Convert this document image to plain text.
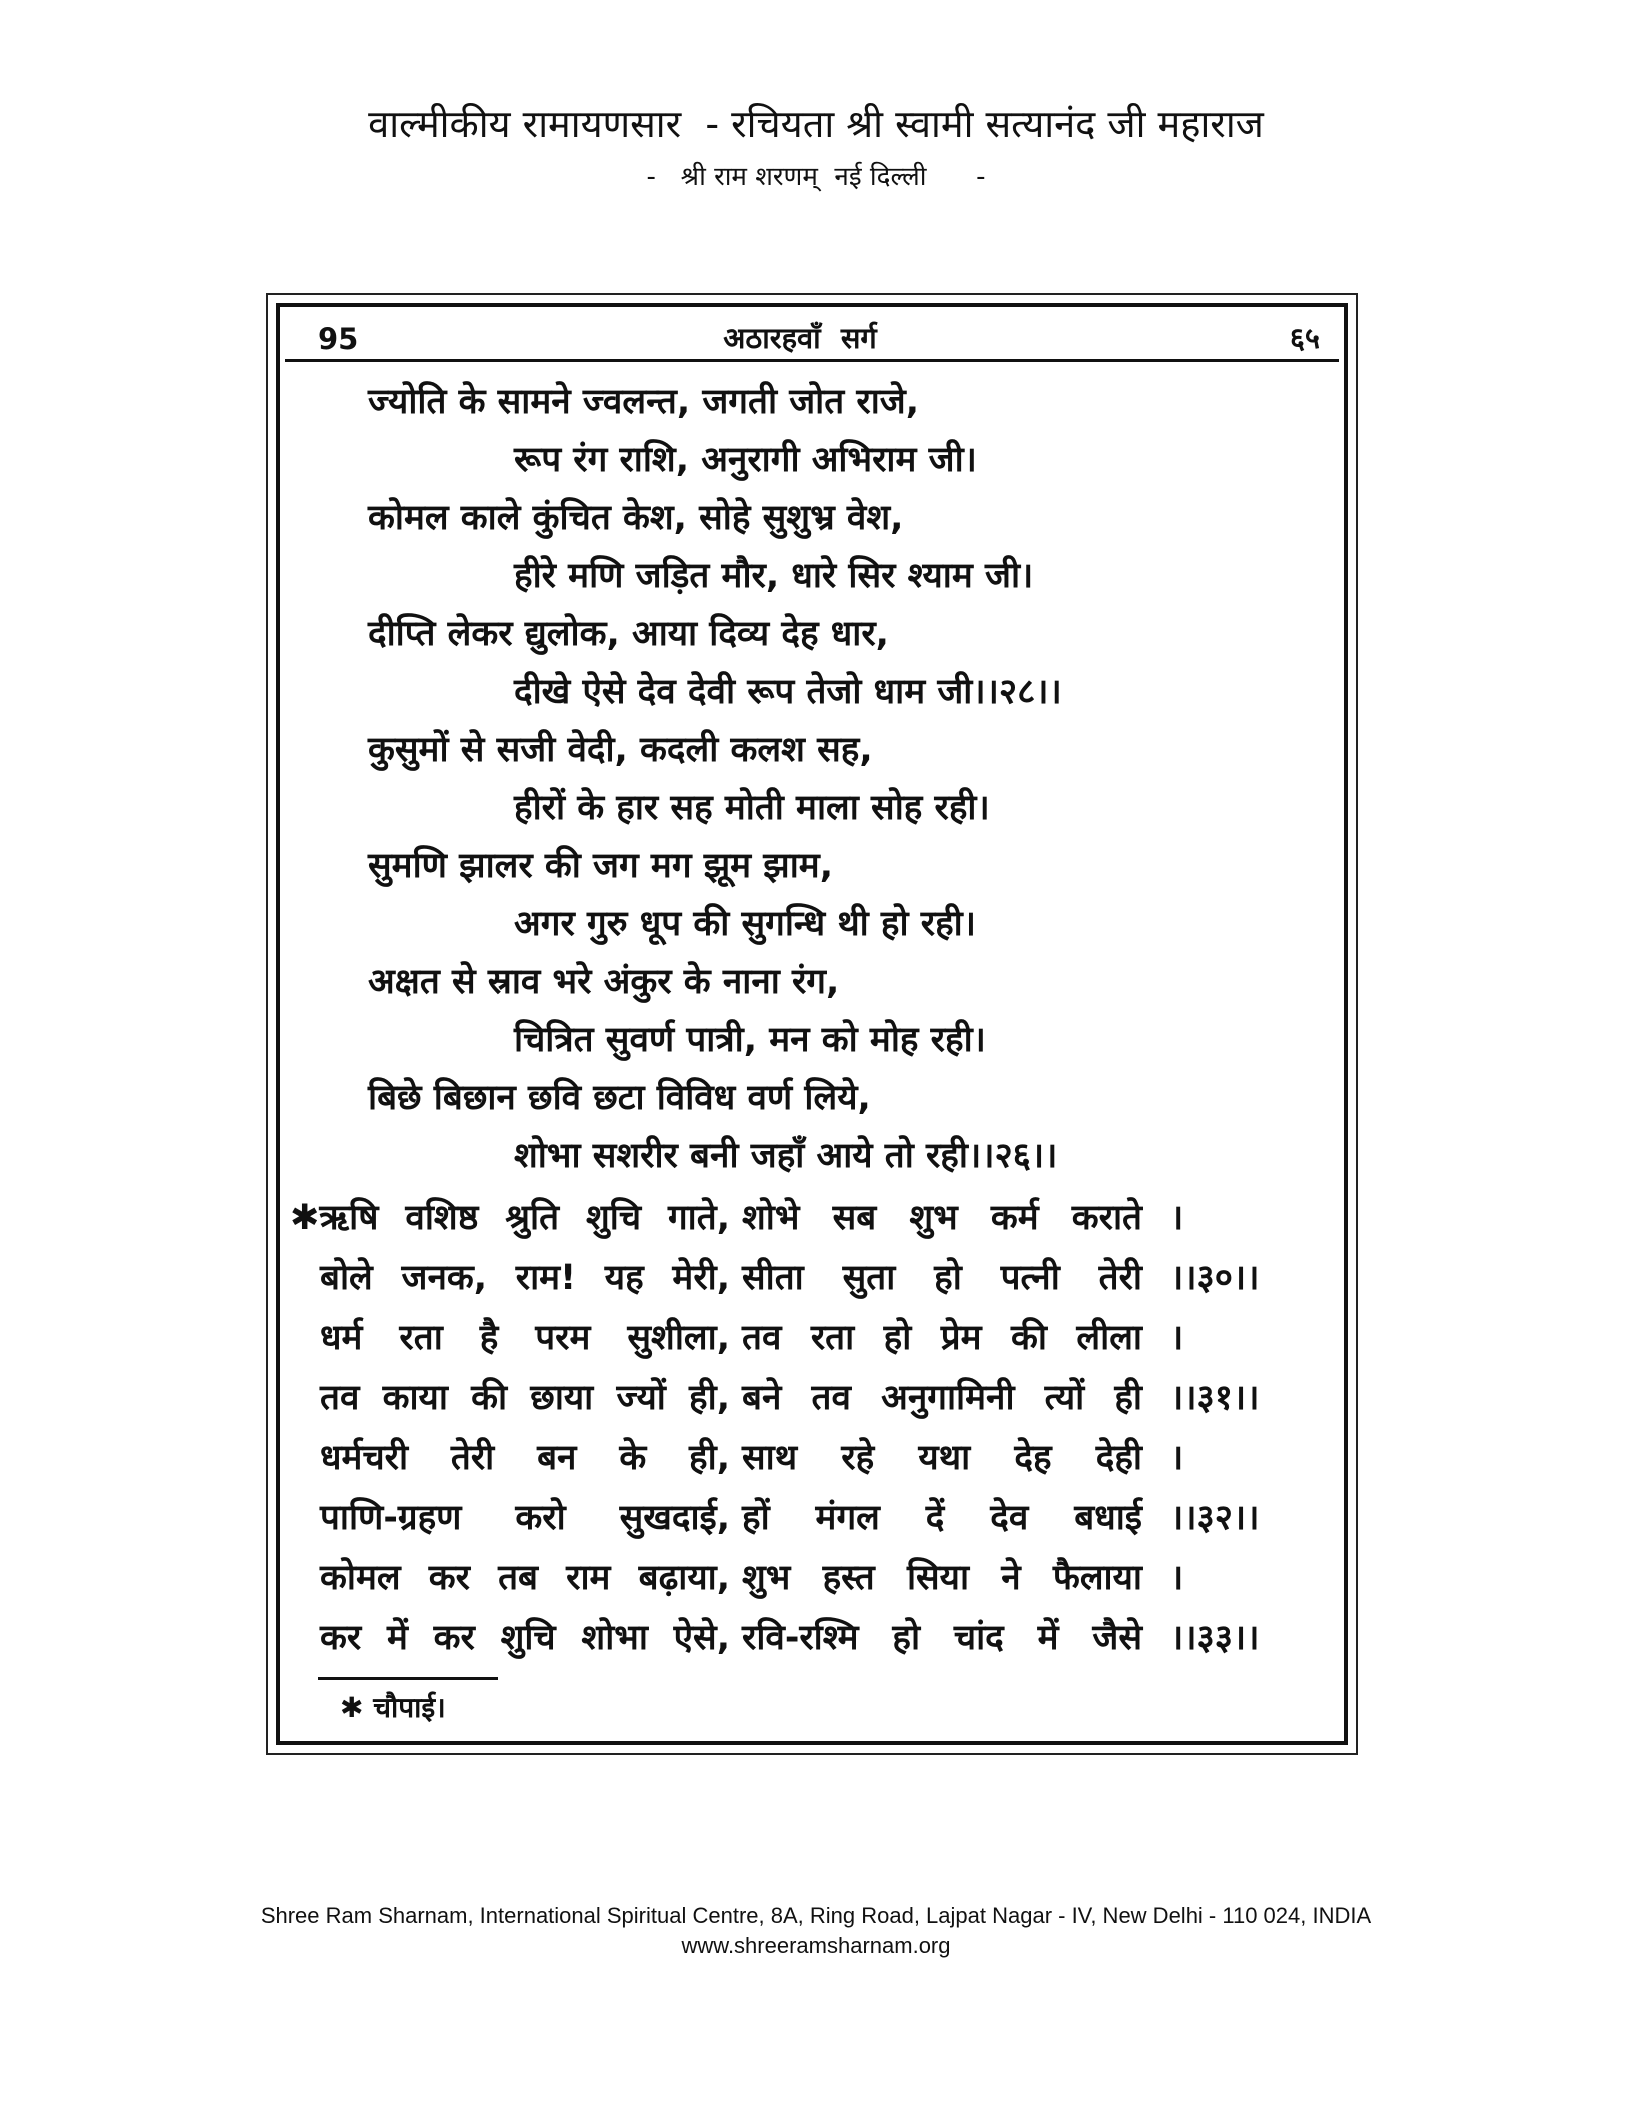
वाल्मीकीय रामायणसार  - रचियता श्री स्वामी सत्यानंद जी महाराज
-   श्री राम शरणम्  नई दिल्ली      -
95	अठारहवाँ  सर्ग	६५
ज्योति के सामने ज्वलन्त, जगती जोत राजे,
रूप रंग राशि, अनुरागी अभिराम जी।
कोमल काले कुंचित केश, सोहे सुशुभ्र वेश,
हीरे मणि जड़ित मौर, धारे सिर श्याम जी।
दीप्ति लेकर द्युलोक, आया दिव्य देह धार,
दीखे ऐसे देव देवी रूप तेजो धाम जी।।२८।।
कुसुमों से सजी वेदी, कदली कलश सह,
हीरों के हार सह मोती माला सोह रही।
सुमणि झालर की जग मग झूम झाम,
अगर गुरु धूप की सुगन्धि थी हो रही।
अक्षत से स्राव भरे अंकुर के नाना रंग,
चित्रित सुवर्ण पात्री, मन को मोह रही।
बिछे बिछान छवि छटा विविध वर्ण लिये,
शोभा सशरीर बनी जहाँ आये तो रही।।२६।।
✱ऋषि वशिष्ठ श्रुति शुचि गाते, शोभे सब शुभ कर्म कराते ।
बोले जनक, राम! यह मेरी, सीता सुता हो पत्नी तेरी ।।३०।।
धर्म रता है परम सुशीला, तव रता हो प्रेम की लीला ।
तव काया की छाया ज्यों ही, बने तव अनुगामिनी त्यों ही ।।३१।।
धर्मचरी तेरी बन के ही, साथ रहे यथा देह देही ।
पाणि-ग्रहण करो सुखदाई, हों मंगल दें देव बधाई ।।३२।।
कोमल कर तब राम बढ़ाया, शुभ हस्त सिया ने फैलाया ।
कर में कर शुचि शोभा ऐसे, रवि-रश्मि हो चांद में जैसे ।।३३।।
✱ चौपाई।
Shree Ram Sharnam, International Spiritual Centre, 8A, Ring Road, Lajpat Nagar - IV, New Delhi - 110 024, INDIA
www.shreeramsharnam.org
